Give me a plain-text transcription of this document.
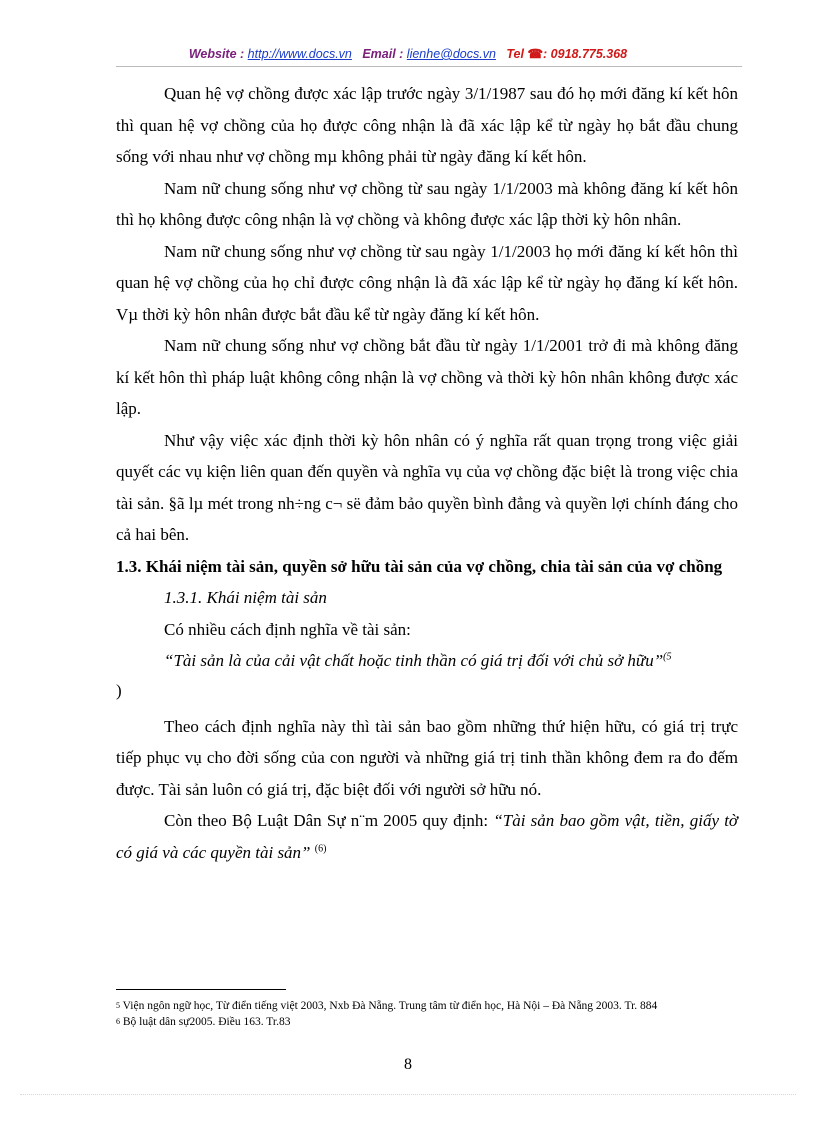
Website : http://www.docs.vn Email : lienhe@docs.vn Tel ☎: 0918.775.368

Quan hệ vợ chồng được xác lập trước ngày 3/1/1987 sau đó họ mới đăng kí kết hôn thì quan hệ vợ chồng của họ được công nhận là đã xác lập kể từ ngày họ bắt đầu chung sống với nhau như vợ chồng mµ không phải từ ngày đăng kí kết hôn.

Nam nữ chung sống như vợ chồng từ sau ngày 1/1/2003 mà không đăng kí kết hôn thì họ không được công nhận là vợ chồng và không được xác lập thời kỳ hôn nhân.

Nam nữ chung sống như vợ chồng từ sau ngày 1/1/2003 họ mới đăng kí kết hôn thì quan hệ vợ chồng của họ chỉ được công nhận là đã xác lập kể từ ngày họ đăng kí kết hôn. Vµ thời kỳ hôn nhân được bắt đầu kể từ ngày đăng kí kết hôn.

Nam nữ chung sống như vợ chồng bắt đầu từ ngày 1/1/2001 trở đi mà không đăng kí kết hôn thì pháp luật không công nhận là vợ chồng và thời kỳ hôn nhân không được xác lập.

Như vậy việc xác định thời kỳ hôn nhân có ý nghĩa rất quan trọng trong việc giải quyết các vụ kiện liên quan đến quyền và nghĩa vụ của vợ chồng đặc biệt là trong việc chia tài sản. §ã lµ mét trong nh÷ng c¬ së đảm bảo quyền bình đẳng và quyền lợi chính đáng cho cả hai bên.

1.3. Khái niệm tài sản, quyền sở hữu tài sản của vợ chồng, chia tài sản của vợ chồng

1.3.1. Khái niệm tài sản

Có nhiều cách định nghĩa về tài sản:

“Tài sản là của cải vật chất hoặc tinh thần có giá trị đối với chủ sở hữu”$^{(5}$

)

Theo cách định nghĩa này thì tài sản bao gồm những thứ hiện hữu, có giá trị trực tiếp phục vụ cho đời sống của con người và những giá trị tinh thần không đem ra đo đếm được. Tài sản luôn có giá trị, đặc biệt đối với người sở hữu nó.

Còn theo Bộ Luật Dân Sự n¨m 2005 quy định: “Tài sản bao gồm vật, tiền, giấy tờ có giá và các quyền tài sản” $^{(6)}$

$^5$ Viện ngôn ngữ học, Từ điển tiếng việt 2003, Nxb Đà Nẵng. Trung tâm từ điển học, Hà Nội – Đà Nẵng 2003. Tr. 884

$^6$ Bộ luật dân sự2005. Điều 163. Tr.83

8
